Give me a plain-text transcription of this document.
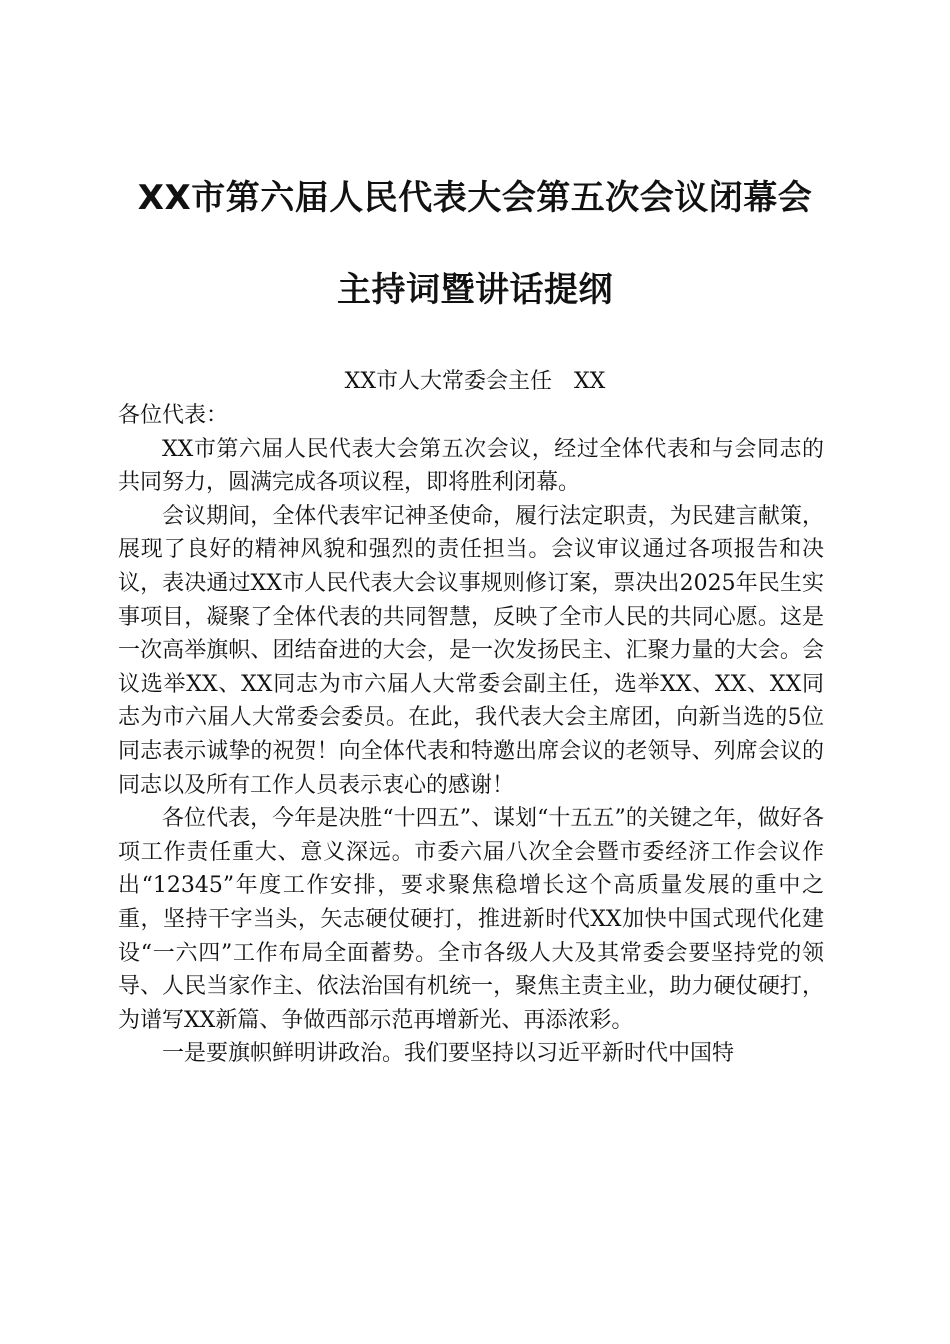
XX市第六届人民代表大会第五次会议闭幕会
主持词暨讲话提纲
XX市人大常委会主任　XX

各位代表：

XX市第六届人民代表大会第五次会议，经过全体代表和与会同志的共同努力，圆满完成各项议程，即将胜利闭幕。

会议期间，全体代表牢记神圣使命，履行法定职责，为民建言献策，展现了良好的精神风貌和强烈的责任担当。会议审议通过各项报告和决议，表决通过XX市人民代表大会议事规则修订案，票决出2025年民生实事项目，凝聚了全体代表的共同智慧，反映了全市人民的共同心愿。这是一次高举旗帜、团结奋进的大会，是一次发扬民主、汇聚力量的大会。会议选举XX、XX同志为市六届人大常委会副主任，选举XX、XX、XX同志为市六届人大常委会委员。在此，我代表大会主席团，向新当选的5位同志表示诚挚的祝贺！向全体代表和特邀出席会议的老领导、列席会议的同志以及所有工作人员表示衷心的感谢！

各位代表，今年是决胜“十四五”、谋划“十五五”的关键之年，做好各项工作责任重大、意义深远。市委六届八次全会暨市委经济工作会议作出“12345”年度工作安排，要求聚焦稳增长这个高质量发展的重中之重，坚持干字当头，矢志硬仗硬打，推进新时代XX加快中国式现代化建设“一六四”工作布局全面蓄势。全市各级人大及其常委会要坚持党的领导、人民当家作主、依法治国有机统一，聚焦主责主业，助力硬仗硬打，为谱写XX新篇、争做西部示范再增新光、再添浓彩。

一是要旗帜鲜明讲政治。我们要坚持以习近平新时代中国特
